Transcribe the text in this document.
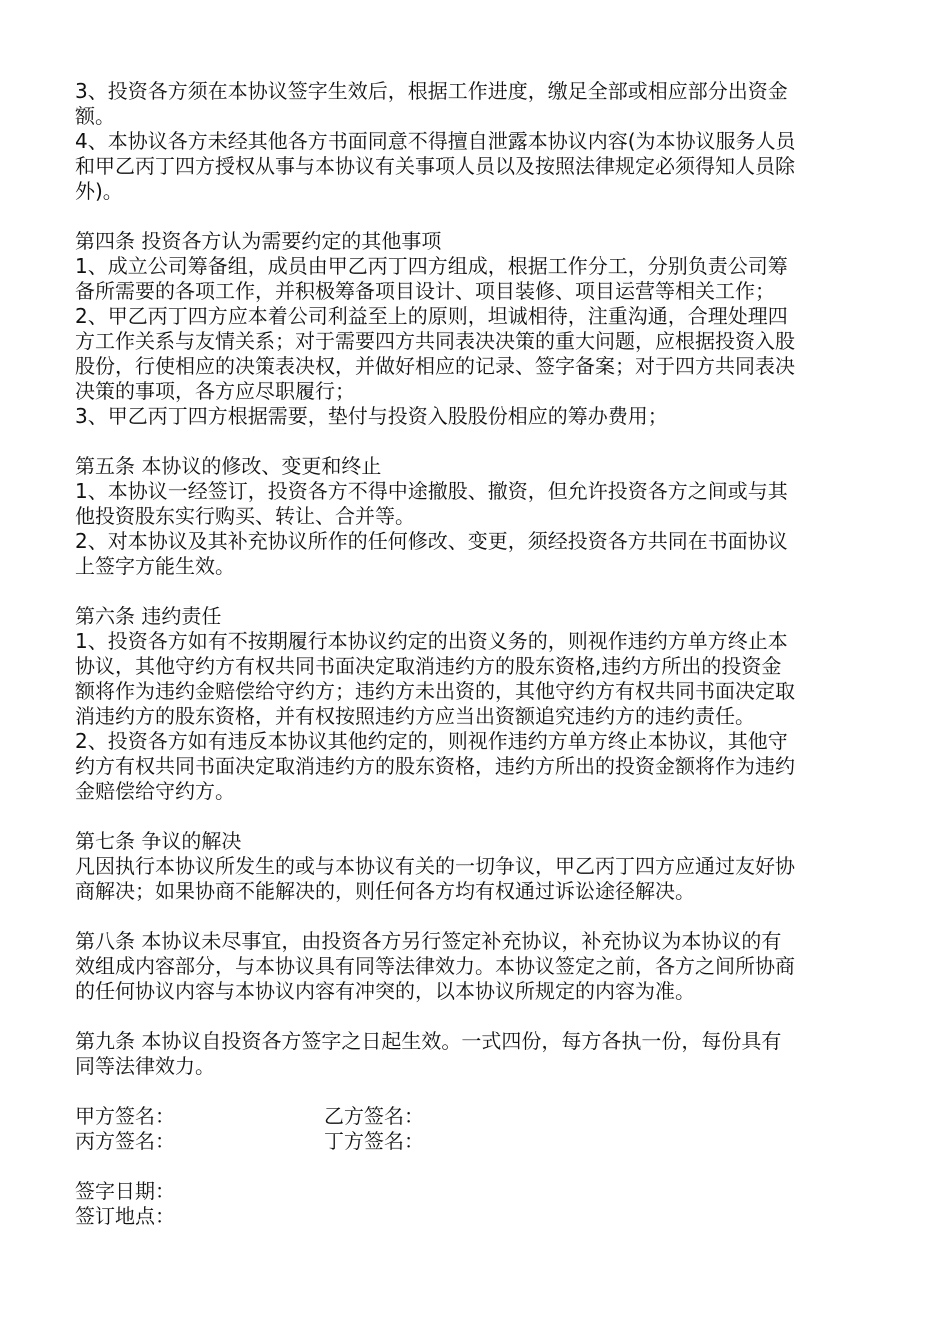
3、投资各方须在本协议签字生效后，根据工作进度，缴足全部或相应部分出资金
额。
4、本协议各方未经其他各方书面同意不得擅自泄露本协议内容(为本协议服务人员
和甲乙丙丁四方授权从事与本协议有关事项人员以及按照法律规定必须得知人员除
外)。
第四条 投资各方认为需要约定的其他事项
1、成立公司筹备组，成员由甲乙丙丁四方组成，根据工作分工，分别负责公司筹
备所需要的各项工作，并积极筹备项目设计、项目装修、项目运营等相关工作；
2、甲乙丙丁四方应本着公司利益至上的原则，坦诚相待，注重沟通，合理处理四
方工作关系与友情关系；对于需要四方共同表决决策的重大问题，应根据投资入股
股份，行使相应的决策表决权，并做好相应的记录、签字备案；对于四方共同表决
决策的事项，各方应尽职履行；
3、甲乙丙丁四方根据需要，垫付与投资入股股份相应的筹办费用；
第五条 本协议的修改、变更和终止
1、本协议一经签订，投资各方不得中途撤股、撤资，但允许投资各方之间或与其
他投资股东实行购买、转让、合并等。
2、对本协议及其补充协议所作的任何修改、变更，须经投资各方共同在书面协议
上签字方能生效。
第六条 违约责任
1、投资各方如有不按期履行本协议约定的出资义务的，则视作违约方单方终止本
协议，其他守约方有权共同书面决定取消违约方的股东资格,违约方所出的投资金
额将作为违约金赔偿给守约方；违约方未出资的，其他守约方有权共同书面决定取
消违约方的股东资格，并有权按照违约方应当出资额追究违约方的违约责任。
2、投资各方如有违反本协议其他约定的，则视作违约方单方终止本协议，其他守
约方有权共同书面决定取消违约方的股东资格，违约方所出的投资金额将作为违约
金赔偿给守约方。
第七条 争议的解决
凡因执行本协议所发生的或与本协议有关的一切争议，甲乙丙丁四方应通过友好协
商解决；如果协商不能解决的，则任何各方均有权通过诉讼途径解决。
第八条 本协议未尽事宜，由投资各方另行签定补充协议，补充协议为本协议的有
效组成内容部分，与本协议具有同等法律效力。本协议签定之前，各方之间所协商
的任何协议内容与本协议内容有冲突的，以本协议所规定的内容为准。
第九条 本协议自投资各方签字之日起生效。一式四份，每方各执一份，每份具有
同等法律效力。
甲方签名：	乙方签名：
丙方签名：	丁方签名：
签字日期：
签订地点：
